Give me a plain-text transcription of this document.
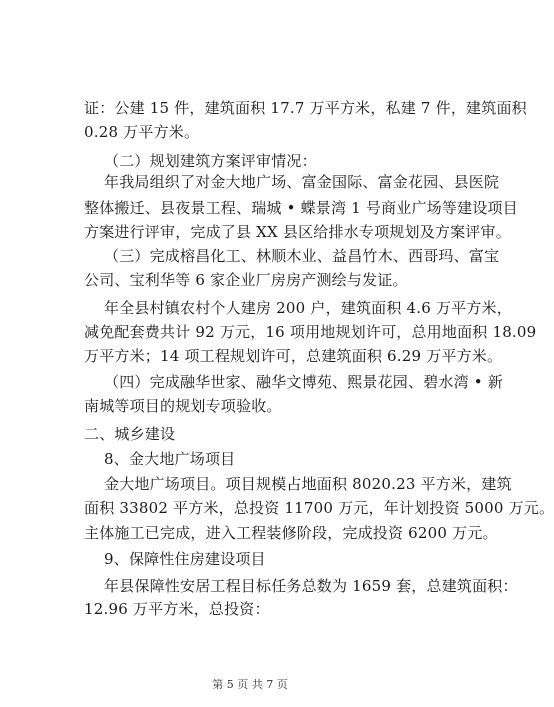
证：公建 15 件，建筑面积 17.7 万平方米，私建 7 件，建筑面积
0.28 万平方米。
（二）规划建筑方案评审情况：
年我局组织了对金大地广场、富金国际、富金花园、县医院
整体搬迁、县夜景工程、瑞城 • 蝶景湾 1 号商业广场等建设项目
方案进行评审，完成了县 XX 县区给排水专项规划及方案评审。
（三）完成榕昌化工、林顺木业、益昌竹木、西哥玛、富宝
公司、宝利华等 6 家企业厂房房产测绘与发证。
年全县村镇农村个人建房 200 户，建筑面积 4.6 万平方米，
减免配套费共计 92 万元，16 项用地规划许可，总用地面积 18.09
万平方米；14 项工程规划许可，总建筑面积 6.29 万平方米。
（四）完成融华世家、融华文博苑、熙景花园、碧水湾 • 新
南城等项目的规划专项验收。
二、城乡建设
8、金大地广场项目
金大地广场项目。项目规模占地面积 8020.23 平方米，建筑
面积 33802 平方米，总投资 11700 万元，年计划投资 5000 万元。
主体施工已完成，进入工程装修阶段，完成投资 6200 万元。
9、保障性住房建设项目
年县保障性安居工程目标任务总数为 1659 套，总建筑面积：
12.96 万平方米，总投资：
第 5 页 共 7 页
